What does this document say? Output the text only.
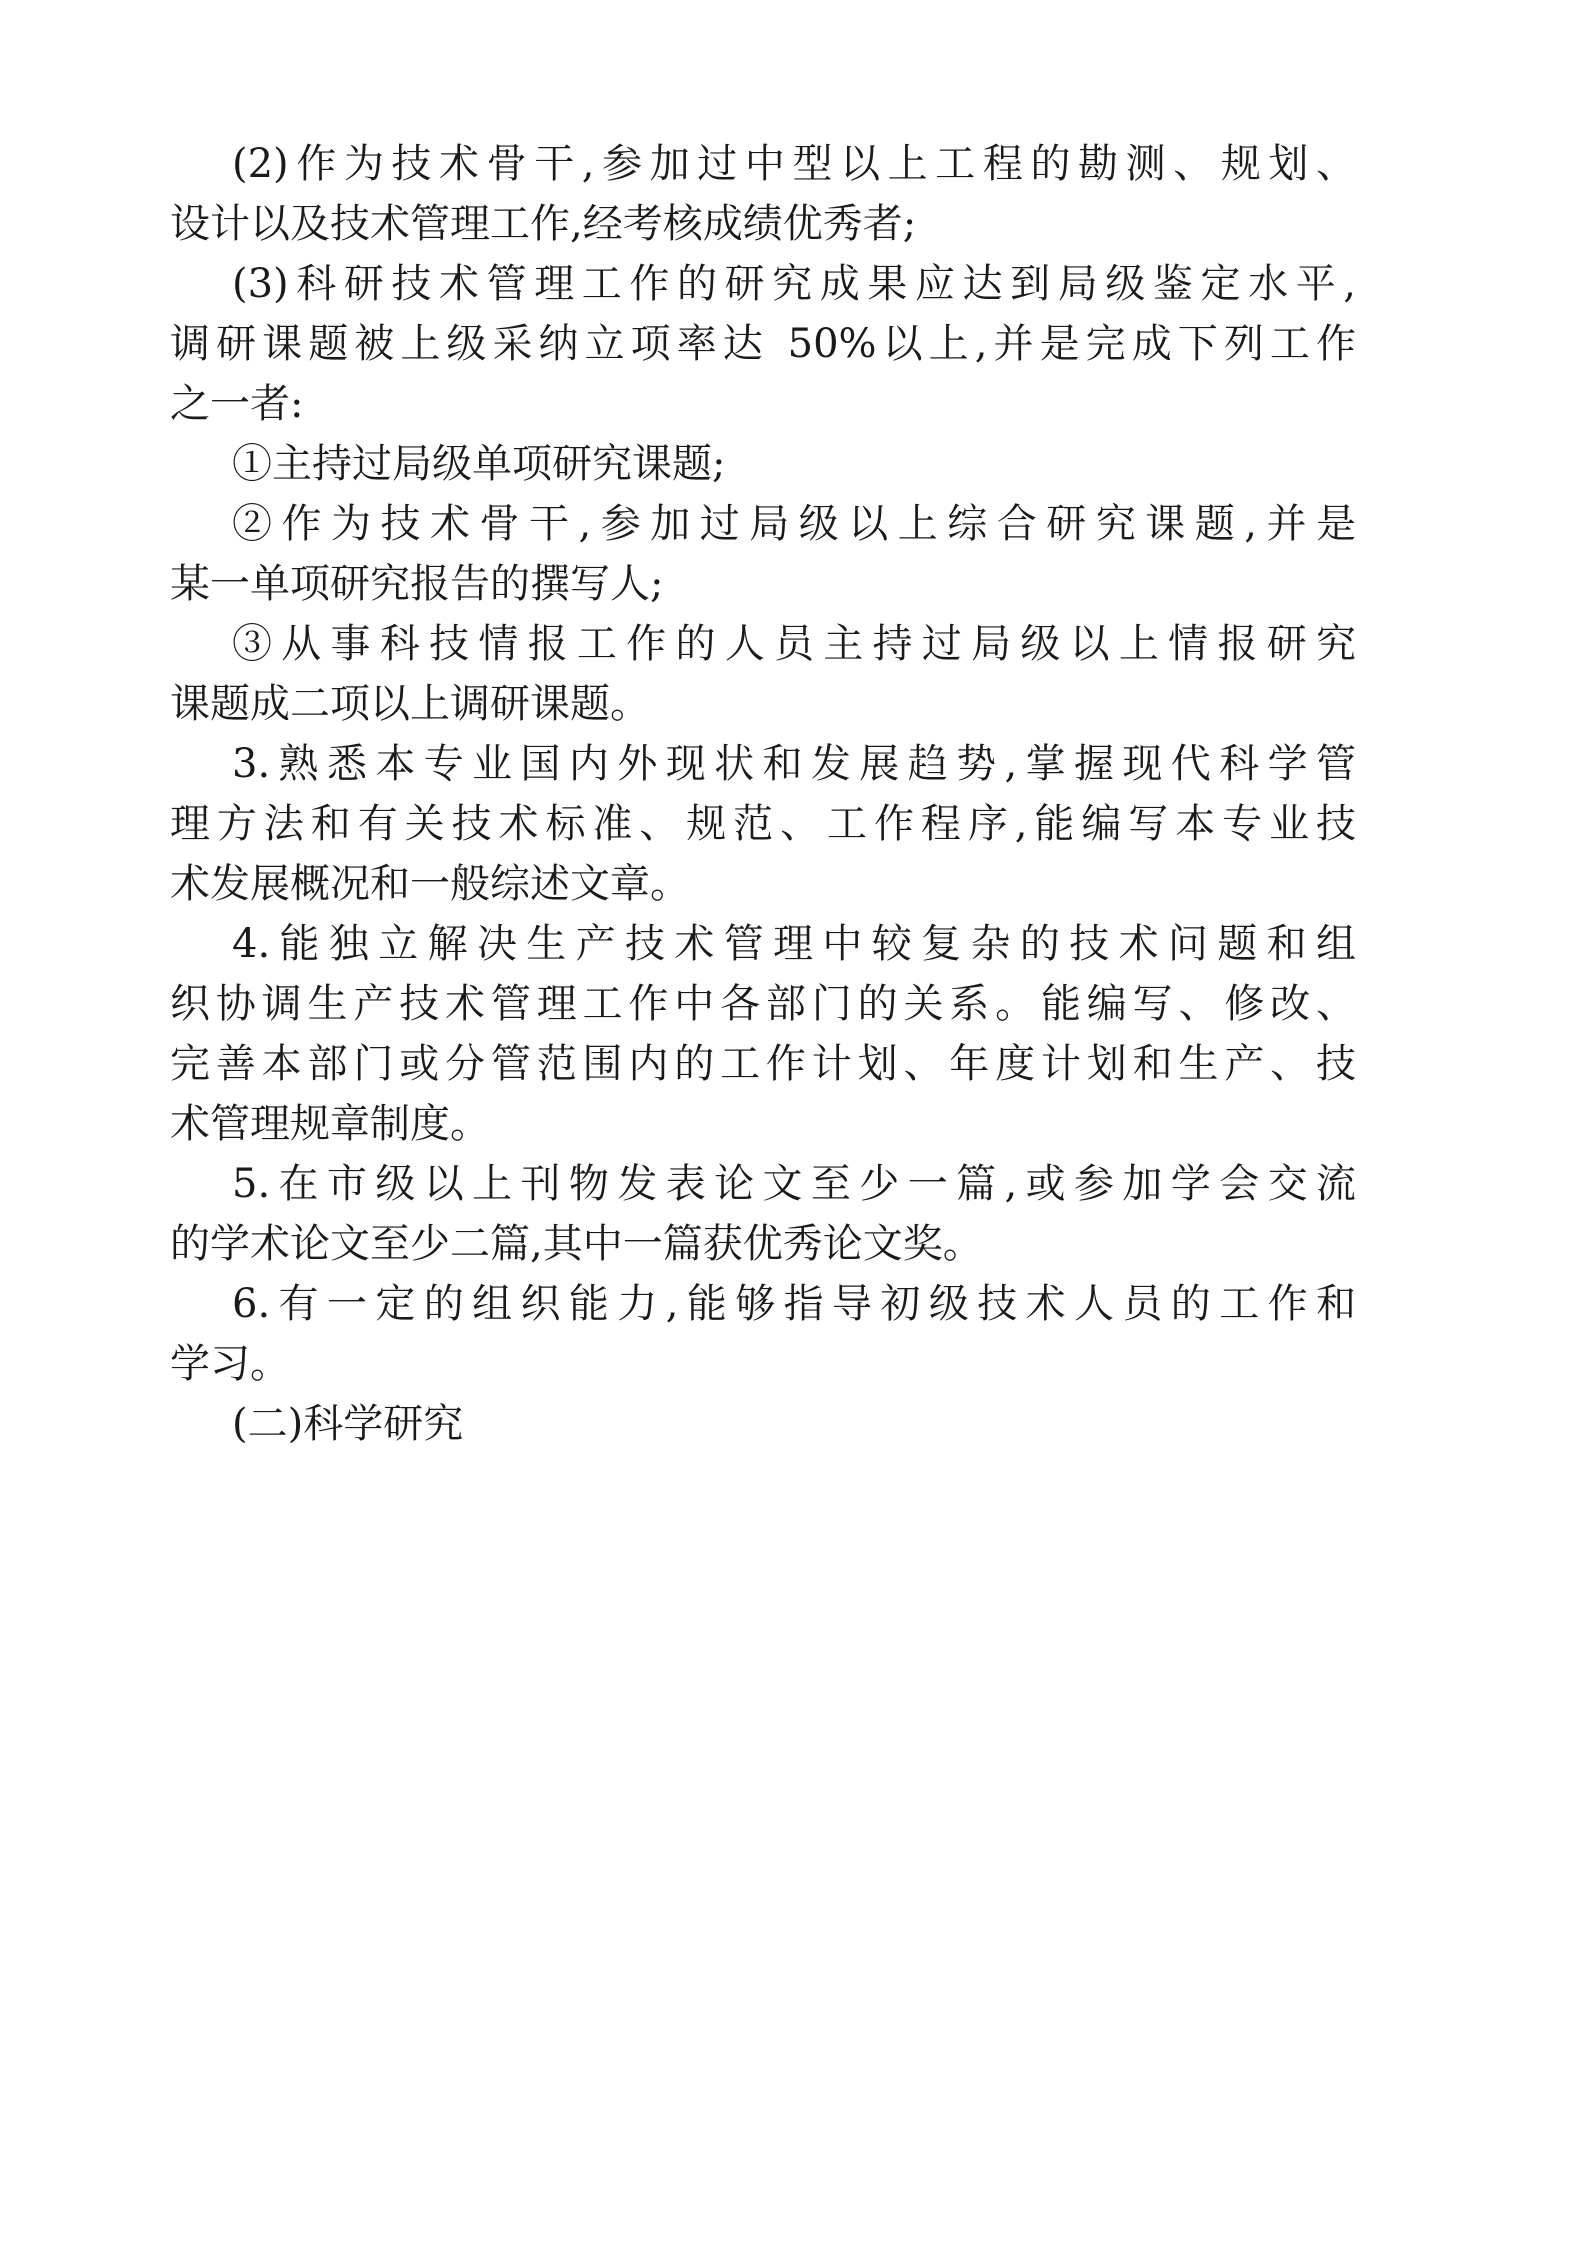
(2)作为技术骨干,参加过中型以上工程的勘测、规划、
设计以及技术管理工作,经考核成绩优秀者;
(3)科研技术管理工作的研究成果应达到局级鉴定水平,
调研课题被上级采纳立项率达 50%以上,并是完成下列工作
之一者:
①主持过局级单项研究课题;
②作为技术骨干,参加过局级以上综合研究课题,并是
某一单项研究报告的撰写人;
③从事科技情报工作的人员主持过局级以上情报研究
课题成二项以上调研课题。
3.熟悉本专业国内外现状和发展趋势,掌握现代科学管
理方法和有关技术标准、规范、工作程序,能编写本专业技
术发展概况和一般综述文章。
4.能独立解决生产技术管理中较复杂的技术问题和组
织协调生产技术管理工作中各部门的关系。能编写、修改、
完善本部门或分管范围内的工作计划、年度计划和生产、技
术管理规章制度。
5.在市级以上刊物发表论文至少一篇,或参加学会交流
的学术论文至少二篇,其中一篇获优秀论文奖。
6.有一定的组织能力,能够指导初级技术人员的工作和
学习。
(二)科学研究
